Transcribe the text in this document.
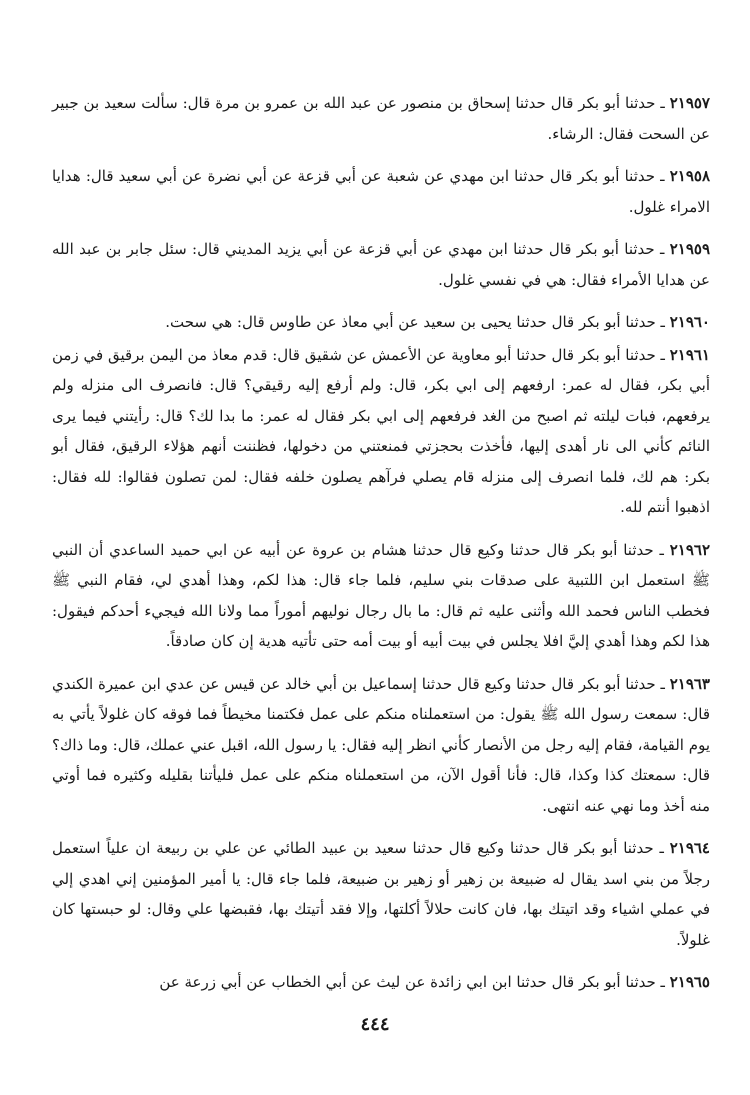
٢١٩٥٧ ـ حدثنا أبو بكر قال حدثنا إسحاق بن منصور عن عبد الله بن عمرو بن مرة قال: سألت سعيد بن جبير عن السحت فقال: الرشاء.

٢١٩٥٨ ـ حدثنا أبو بكر قال حدثنا ابن مهدي عن شعبة عن أبي قزعة عن أبي نضرة عن أبي سعيد قال: هدايا الامراء غلول.

٢١٩٥٩ ـ حدثنا أبو بكر قال حدثنا ابن مهدي عن أبي قزعة عن أبي يزيد المديني قال: سئل جابر بن عبد الله عن هدايا الأمراء فقال: هي في نفسي غلول.

٢١٩٦٠ ـ حدثنا أبو بكر قال حدثنا يحيى بن سعيد عن أبي معاذ عن طاوس قال: هي سحت.

٢١٩٦١ ـ حدثنا أبو بكر قال حدثنا أبو معاوية عن الأعمش عن شقيق قال: قدم معاذ من اليمن برقيق في زمن أبي بكر، فقال له عمر: ارفعهم إلى ابي بكر، قال: ولم أرفع إليه رقيقي؟ قال: فانصرف الى منزله ولم يرفعهم، فبات ليلته ثم اصبح من الغد فرفعهم إلى ابي بكر فقال له عمر: ما بدا لك؟ قال: رأيتني فيما يرى النائم كأني الى نار أهدى إليها، فأخذت بحجزتي فمنعتني من دخولها، فظننت أنهم هؤلاء الرقيق، فقال أبو بكر: هم لك، فلما انصرف إلى منزله قام يصلي فرآهم يصلون خلفه فقال: لمن تصلون فقالوا: لله فقال: اذهبوا أنتم لله.

٢١٩٦٢ ـ حدثنا أبو بكر قال حدثنا وكيع قال حدثنا هشام بن عروة عن أبيه عن ابي حميد الساعدي أن النبي ﷺ استعمل ابن اللتبية على صدقات بني سليم، فلما جاء قال: هذا لكم، وهذا أهدي لي، فقام النبي ﷺ فخطب الناس فحمد الله وأثنى عليه ثم قال: ما بال رجال نوليهم أموراً مما ولانا الله فيجيء أحدكم فيقول: هذا لكم وهذا أهدي إليَّ افلا يجلس في بيت أبيه أو بيت أمه حتى تأتيه هدية إن كان صادقاً.

٢١٩٦٣ ـ حدثنا أبو بكر قال حدثنا وكيع قال حدثنا إسماعيل بن أبي خالد عن قيس عن عدي ابن عميرة الكندي قال: سمعت رسول الله ﷺ يقول: من استعملناه منكم على عمل فكتمنا مخيطاً فما فوقه كان غلولاً يأتي به يوم القيامة، فقام إليه رجل من الأنصار كأني انظر إليه فقال: يا رسول الله، اقبل عني عملك، قال: وما ذاك؟ قال: سمعتك كذا وكذا، قال: فأنا أقول الآن، من استعملناه منكم على عمل فليأتنا بقليله وكثيره فما أوتي منه أخذ وما نهي عنه انتهى.

٢١٩٦٤ ـ حدثنا أبو بكر قال حدثنا وكيع قال حدثنا سعيد بن عبيد الطائي عن علي بن ربيعة ان علياً استعمل رجلاً من بني اسد يقال له ضبيعة بن زهير أو زهير بن ضبيعة، فلما جاء قال: يا أمير المؤمنين إني اهدي إلي في عملي اشياء وقد اتيتك بها، فان كانت حلالاً أكلتها، وإلا فقد أتيتك بها، فقبضها علي وقال: لو حبستها كان غلولاً.

٢١٩٦٥ ـ حدثنا أبو بكر قال حدثنا ابن ابي زائدة عن ليث عن أبي الخطاب عن أبي زرعة عن

٤٤٤
